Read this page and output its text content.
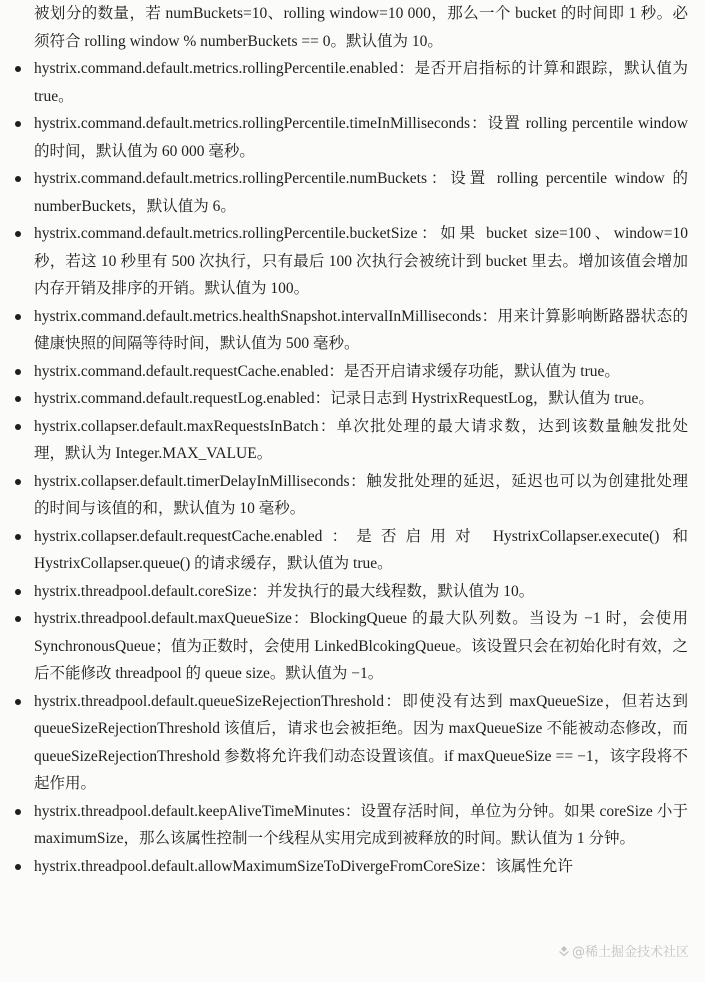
被划分的数量，若 numBuckets=10、rolling window=10 000，那么一个 bucket 的时间即 1 秒。必须符合 rolling window % numberBuckets == 0。默认值为 10。

hystrix.command.default.metrics.rollingPercentile.enabled：是否开启指标的计算和跟踪，默认值为 true。
hystrix.command.default.metrics.rollingPercentile.timeInMilliseconds：设置 rolling percentile window 的时间，默认值为 60 000 毫秒。
hystrix.command.default.metrics.rollingPercentile.numBuckets：设置 rolling percentile window 的 numberBuckets，默认值为 6。
hystrix.command.default.metrics.rollingPercentile.bucketSize：如果 bucket size=100、window=10 秒，若这 10 秒里有 500 次执行，只有最后 100 次执行会被统计到 bucket 里去。增加该值会增加内存开销及排序的开销。默认值为 100。
hystrix.command.default.metrics.healthSnapshot.intervalInMilliseconds：用来计算影响断路器状态的健康快照的间隔等待时间，默认值为 500 毫秒。
hystrix.command.default.requestCache.enabled：是否开启请求缓存功能，默认值为 true。
hystrix.command.default.requestLog.enabled：记录日志到 HystrixRequestLog，默认值为 true。
hystrix.collapser.default.maxRequestsInBatch：单次批处理的最大请求数，达到该数量触发批处理，默认为 Integer.MAX_VALUE。
hystrix.collapser.default.timerDelayInMilliseconds：触发批处理的延迟，延迟也可以为创建批处理的时间与该值的和，默认值为 10 毫秒。
hystrix.collapser.default.requestCache.enabled：是否启用对 HystrixCollapser.execute() 和 HystrixCollapser.queue() 的请求缓存，默认值为 true。
hystrix.threadpool.default.coreSize：并发执行的最大线程数，默认值为 10。
hystrix.threadpool.default.maxQueueSize：BlockingQueue 的最大队列数。当设为 −1 时，会使用 SynchronousQueue；值为正数时，会使用 LinkedBlcokingQueue。该设置只会在初始化时有效，之后不能修改 threadpool 的 queue size。默认值为 −1。
hystrix.threadpool.default.queueSizeRejectionThreshold：即使没有达到 maxQueueSize，但若达到 queueSizeRejectionThreshold 该值后，请求也会被拒绝。因为 maxQueueSize 不能被动态修改，而 queueSizeRejectionThreshold 参数将允许我们动态设置该值。if maxQueueSize == −1，该字段将不起作用。
hystrix.threadpool.default.keepAliveTimeMinutes：设置存活时间，单位为分钟。如果 coreSize 小于 maximumSize，那么该属性控制一个线程从实用完成到被释放的时间。默认值为 1 分钟。
hystrix.threadpool.default.allowMaximumSizeToDivergeFromCoreSize：该属性允许
@稀土掘金技术社区
